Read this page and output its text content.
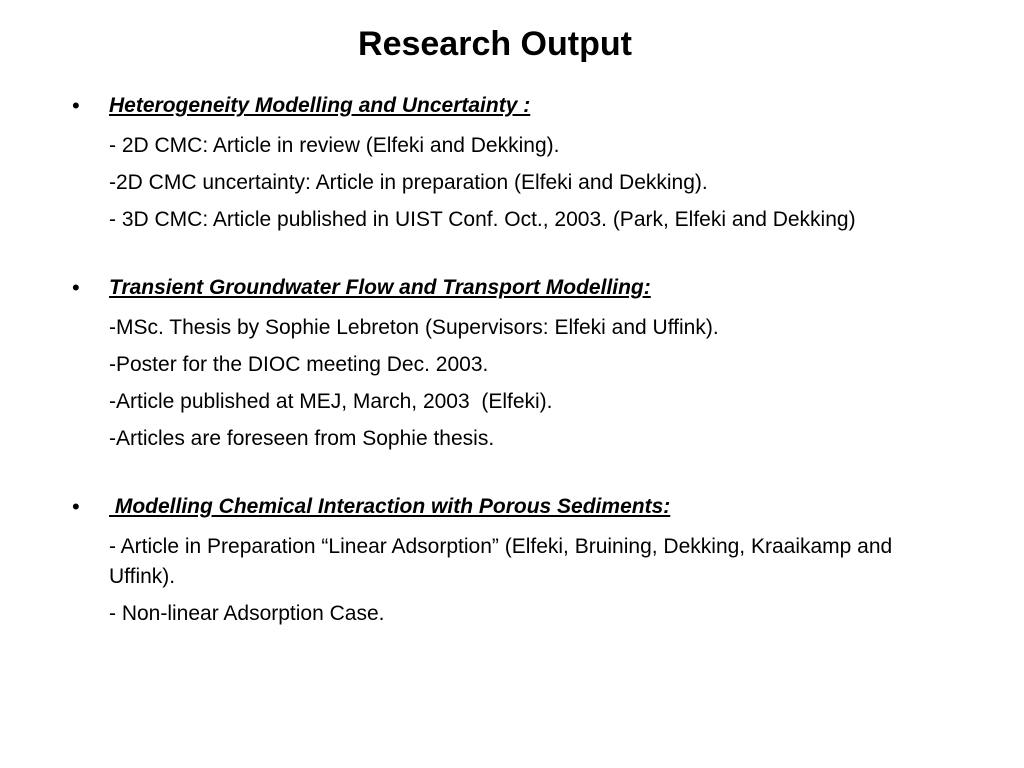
Research Output
• Heterogeneity Modelling and Uncertainty :
- 2D CMC: Article in review (Elfeki and Dekking).
-2D CMC uncertainty: Article in preparation (Elfeki and Dekking).
- 3D CMC: Article published in UIST Conf. Oct., 2003. (Park, Elfeki and Dekking)
• Transient Groundwater Flow and Transport Modelling:
-MSc. Thesis by Sophie Lebreton (Supervisors: Elfeki and Uffink).
-Poster for the DIOC meeting Dec. 2003.
-Article published at MEJ, March, 2003  (Elfeki).
-Articles are foreseen from Sophie thesis.
• Modelling Chemical Interaction with Porous Sediments:
- Article in Preparation “Linear Adsorption” (Elfeki, Bruining, Dekking, Kraaikamp and Uffink).
- Non-linear Adsorption Case.
